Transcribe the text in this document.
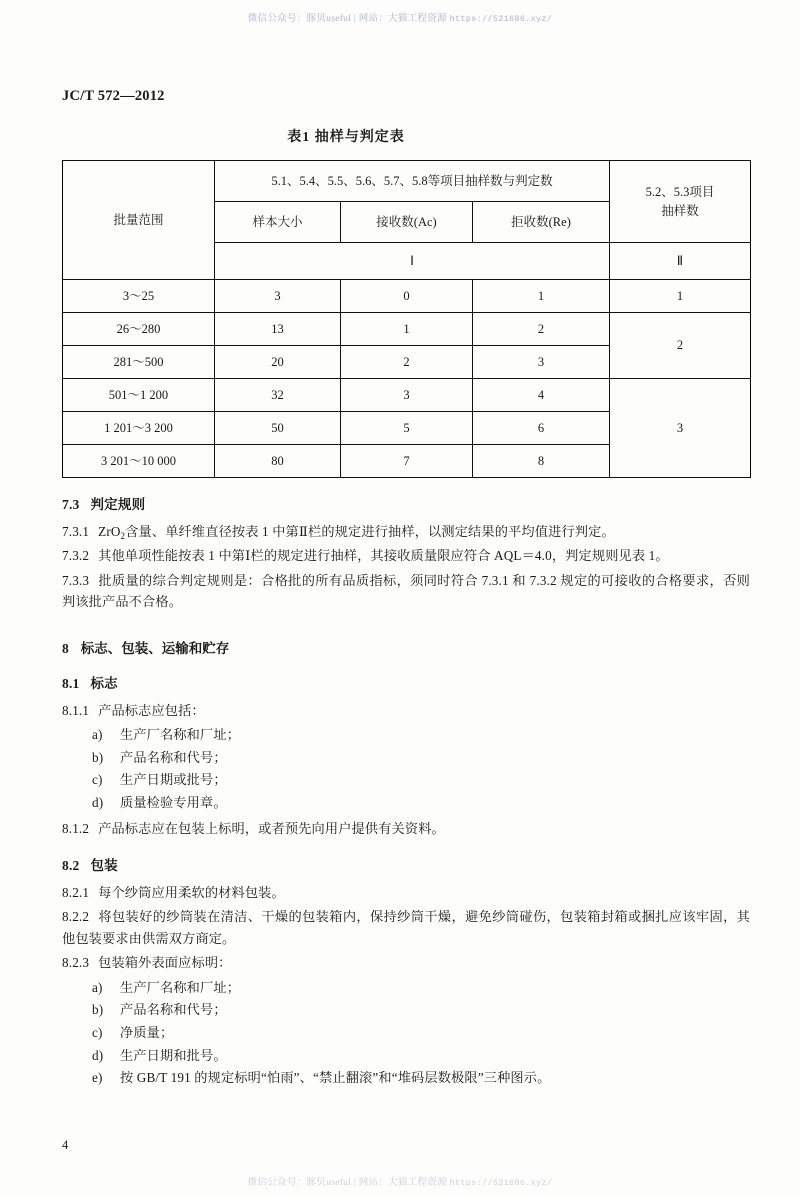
微信公众号：豚贝useful | 网站：大猫工程资源 https://521686.xyz/
JC/T 572—2012
表1 抽样与判定表
批量范围	5.1、5.4、5.5、5.6、5.7、5.8等项目抽样数与判定数			5.2、5.3项目
抽样数

	样本大小	接收数(Ac)	拒收数(Re)	
	Ⅰ			Ⅱ
3～25	3	0	1	1
26～280	13	1	2	2
281～500	20	2	3	
501～1 200	32	3	4	3
1 201～3 200	50	5	6	
3 201～10 000	80	7	8	
7.3 判定规则

7.3.1 ZrO$_2$含量、单纤维直径按表 1 中第Ⅱ栏的规定进行抽样，以测定结果的平均值进行判定。

7.3.2 其他单项性能按表 1 中第Ⅰ栏的规定进行抽样，其接收质量限应符合 AQL＝4.0，判定规则见表 1。

7.3.3 批质量的综合判定规则是：合格批的所有品质指标，须同时符合 7.3.1 和 7.3.2 规定的可接收的合格要求，否则判该批产品不合格。

8 标志、包装、运输和贮存
8.1 标志

8.1.1 产品标志应包括：

a) 生产厂名称和厂址；
b) 产品名称和代号；
c) 生产日期或批号；
d) 质量检验专用章。

8.1.2 产品标志应在包装上标明，或者预先向用户提供有关资料。

8.2 包装

8.2.1 每个纱筒应用柔软的材料包装。

8.2.2 将包装好的纱筒装在清洁、干燥的包装箱内，保持纱筒干燥，避免纱筒碰伤，包装箱封箱或捆扎应该牢固，其他包装要求由供需双方商定。

8.2.3 包装箱外表面应标明：

a) 生产厂名称和厂址；
b) 产品名称和代号；
c) 净质量；
d) 生产日期和批号。
e) 按 GB/T 191 的规定标明“怕雨”、“禁止翻滚”和“堆码层数极限”三种图示。
4
微信公众号：豚贝useful | 网站：大猫工程资源 https://521686.xyz/
